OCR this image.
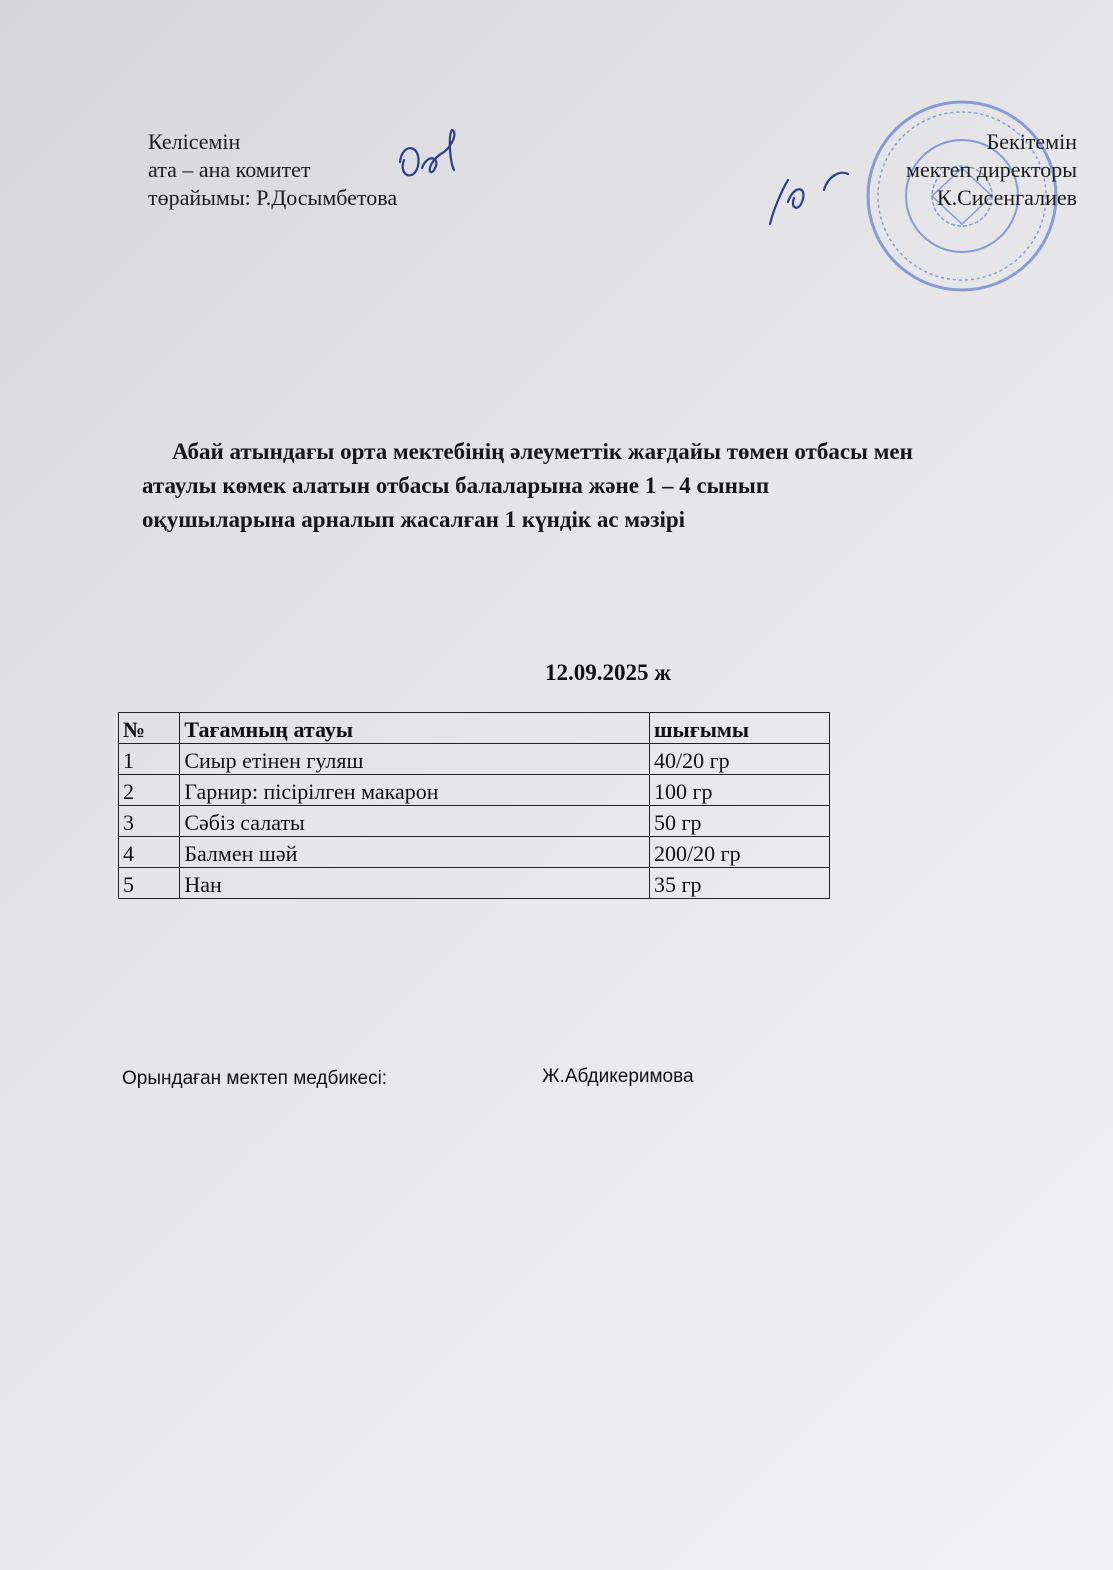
Келісемін
ата – ана комитет
төрайымы: Р.Досымбетова
Бекітемін
мектеп директоры
К.Сисенгалиев
Абай атындағы орта мектебінің әлеуметтік жағдайы төмен отбасы мен
атаулы көмек алатын отбасы балаларына және 1 – 4 сынып
оқушыларына арналып жасалған 1 күндік ас мәзірі
12.09.2025 ж
№	Тағамның атауы	шығымы
1	Сиыр етінен гуляш	40/20 гр
2	Гарнир: пісірілген макарон	100 гр
3	Сәбіз салаты	50 гр
4	Балмен шәй	200/20 гр
5	Нан	35 гр
Орындаған мектеп медбикесі:	Ж.Абдикеримова
